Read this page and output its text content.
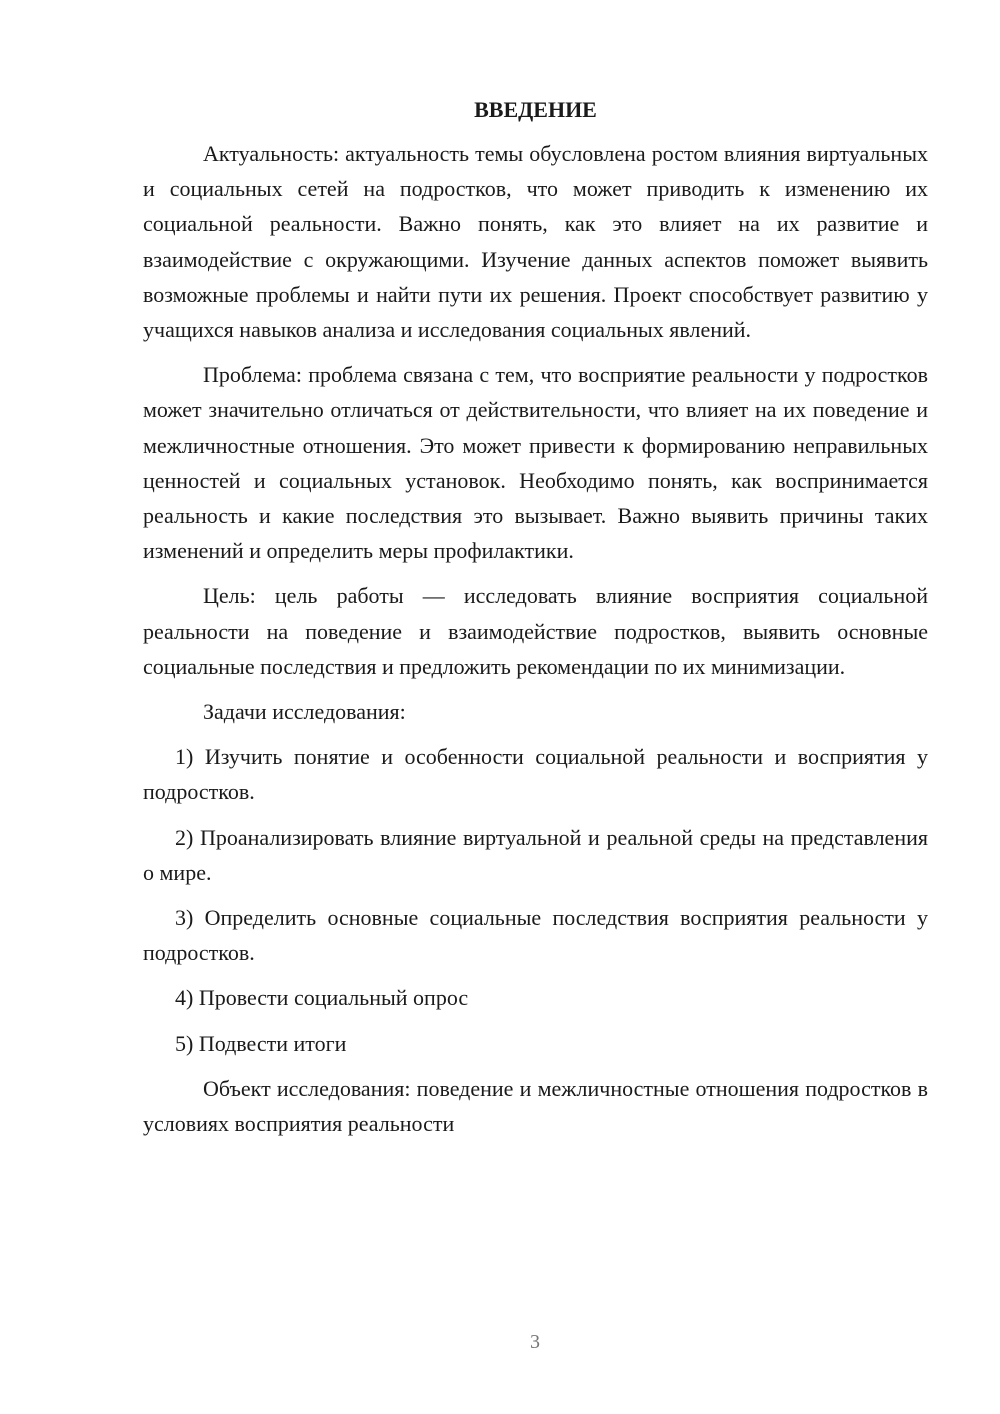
ВВЕДЕНИЕ

Актуальность: актуальность темы обусловлена ростом влияния виртуальных и социальных сетей на подростков, что может приводить к изменению их социальной реальности. Важно понять, как это влияет на их развитие и взаимодействие с окружающими. Изучение данных аспектов поможет выявить возможные проблемы и найти пути их решения. Проект способствует развитию у учащихся навыков анализа и исследования социальных явлений.

Проблема: проблема связана с тем, что восприятие реальности у подростков может значительно отличаться от действительности, что влияет на их поведение и межличностные отношения. Это может привести к формированию неправильных ценностей и социальных установок. Необходимо понять, как воспринимается реальность и какие последствия это вызывает. Важно выявить причины таких изменений и определить меры профилактики.

Цель: цель работы — исследовать влияние восприятия социальной реальности на поведение и взаимодействие подростков, выявить основные социальные последствия и предложить рекомендации по их минимизации.

Задачи исследования:

1) Изучить понятие и особенности социальной реальности и восприятия у подростков.

2) Проанализировать влияние виртуальной и реальной среды на представления о мире.

3) Определить основные социальные последствия восприятия реальности у подростков.

4) Провести социальный опрос

5) Подвести итоги

Объект исследования: поведение и межличностные отношения подростков в условиях восприятия реальности

3
